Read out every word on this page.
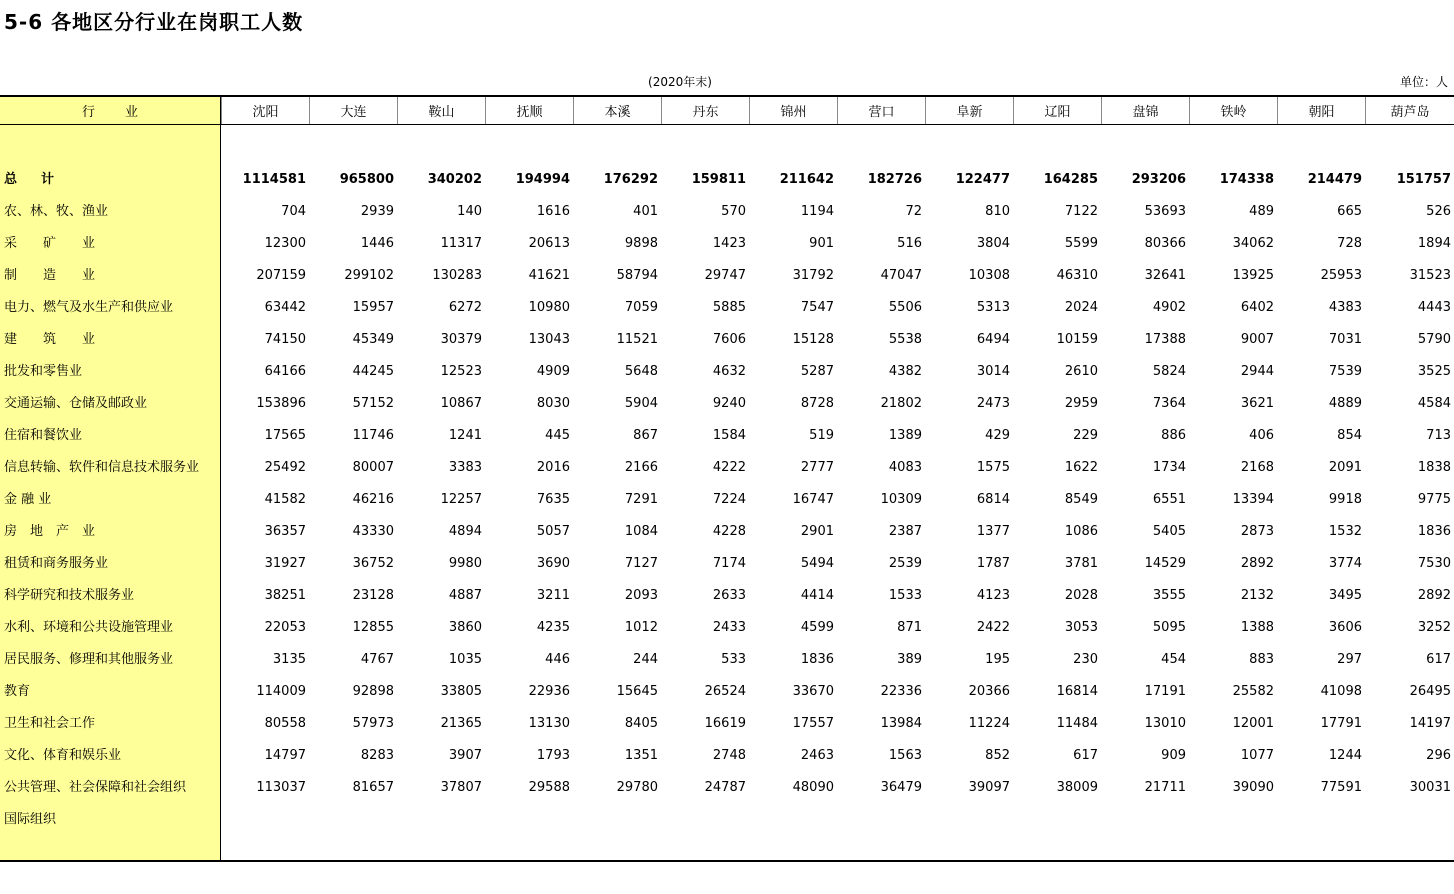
5-6 各地区分行业在岗职工人数
(2020年末)	单位：人
行业	沈阳	大连	鞍山	抚顺	本溪	丹东	锦州	营口	阜新	辽阳	盘锦	铁岭	朝阳	葫芦岛
总计	1114581	965800	340202	194994	176292	159811	211642	182726	122477	164285	293206	174338	214479	151757
农、林、牧、渔业	704	2939	140	1616	401	570	1194	72	810	7122	53693	489	665	526
采　　矿　　业	12300	1446	11317	20613	9898	1423	901	516	3804	5599	80366	34062	728	1894
制　　造　　业	207159	299102	130283	41621	58794	29747	31792	47047	10308	46310	32641	13925	25953	31523
电力、燃气及水生产和供应业	63442	15957	6272	10980	7059	5885	7547	5506	5313	2024	4902	6402	4383	4443
建　　筑　　业	74150	45349	30379	13043	11521	7606	15128	5538	6494	10159	17388	9007	7031	5790
批发和零售业	64166	44245	12523	4909	5648	4632	5287	4382	3014	2610	5824	2944	7539	3525
交通运输、仓储及邮政业	153896	57152	10867	8030	5904	9240	8728	21802	2473	2959	7364	3621	4889	4584
住宿和餐饮业	17565	11746	1241	445	867	1584	519	1389	429	229	886	406	854	713
信息转输、软件和信息技术服务业	25492	80007	3383	2016	2166	4222	2777	4083	1575	1622	1734	2168	2091	1838
金 融 业	41582	46216	12257	7635	7291	7224	16747	10309	6814	8549	6551	13394	9918	9775
房　地　产　业	36357	43330	4894	5057	1084	4228	2901	2387	1377	1086	5405	2873	1532	1836
租赁和商务服务业	31927	36752	9980	3690	7127	7174	5494	2539	1787	3781	14529	2892	3774	7530
科学研究和技术服务业	38251	23128	4887	3211	2093	2633	4414	1533	4123	2028	3555	2132	3495	2892
水利、环境和公共设施管理业	22053	12855	3860	4235	1012	2433	4599	871	2422	3053	5095	1388	3606	3252
居民服务、修理和其他服务业	3135	4767	1035	446	244	533	1836	389	195	230	454	883	297	617
教育	114009	92898	33805	22936	15645	26524	33670	22336	20366	16814	17191	25582	41098	26495
卫生和社会工作	80558	57973	21365	13130	8405	16619	17557	13984	11224	11484	13010	12001	17791	14197
文化、体育和娱乐业	14797	8283	3907	1793	1351	2748	2463	1563	852	617	909	1077	1244	296
公共管理、社会保障和社会组织	113037	81657	37807	29588	29780	24787	48090	36479	39097	38009	21711	39090	77591	30031
国际组织
